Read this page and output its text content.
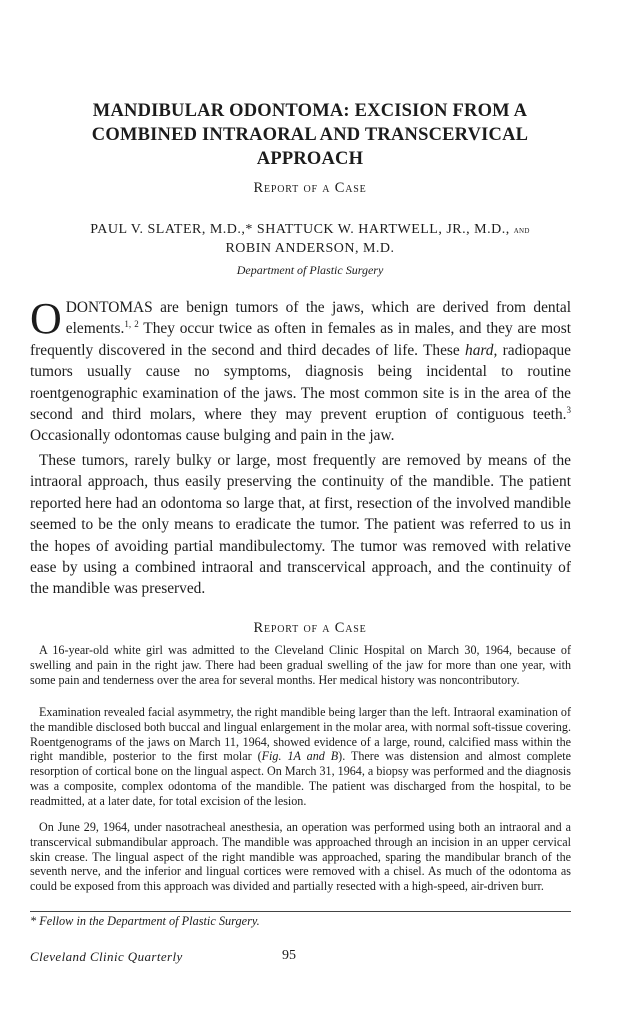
MANDIBULAR ODONTOMA: EXCISION FROM A
COMBINED INTRAORAL AND TRANSCERVICAL
APPROACH

Report of a Case

PAUL V. SLATER, M.D.,* SHATTUCK W. HARTWELL, JR., M.D., and
ROBIN ANDERSON, M.D.

Department of Plastic Surgery

ODONTOMAS are benign tumors of the jaws, which are derived from dental elements.$^{1, 2}$ They occur twice as often in females as in males, and they are most frequently discovered in the second and third decades of life. These hard, radiopaque tumors usually cause no symptoms, diagnosis being incidental to routine roentgenographic examination of the jaws. The most common site is in the area of the second and third molars, where they may prevent eruption of contiguous teeth.$^3$ Occasionally odontomas cause bulging and pain in the jaw.

These tumors, rarely bulky or large, most frequently are removed by means of the intraoral approach, thus easily preserving the continuity of the mandible. The patient reported here had an odontoma so large that, at first, resection of the involved mandible seemed to be the only means to eradicate the tumor. The patient was referred to us in the hopes of avoiding partial mandibulectomy. The tumor was removed with relative ease by using a combined intraoral and transcervical approach, and the continuity of the mandible was preserved.

Report of a Case

A 16-year-old white girl was admitted to the Cleveland Clinic Hospital on March 30, 1964, because of swelling and pain in the right jaw. There had been gradual swelling of the jaw for more than one year, with some pain and tenderness over the area for several months. Her medical history was noncontributory.

Examination revealed facial asymmetry, the right mandible being larger than the left. Intraoral examination of the mandible disclosed both buccal and lingual enlargement in the molar area, with normal soft-tissue covering. Roentgenograms of the jaws on March 11, 1964, showed evidence of a large, round, calcified mass within the right mandible, posterior to the first molar (Fig. 1A and B). There was distension and almost complete resorption of cortical bone on the lingual aspect. On March 31, 1964, a biopsy was performed and the diagnosis was a composite, complex odontoma of the mandible. The patient was discharged from the hospital, to be readmitted, at a later date, for total excision of the lesion.

On June 29, 1964, under nasotracheal anesthesia, an operation was performed using both an intraoral and a transcervical submandibular approach. The mandible was approached through an incision in an upper cervical skin crease. The lingual aspect of the right mandible was approached, sparing the mandibular branch of the seventh nerve, and the inferior and lingual cortices were removed with a chisel. As much of the odontoma as could be exposed from this approach was divided and partially resected with a high-speed, air-driven burr.

* Fellow in the Department of Plastic Surgery.

Cleveland Clinic Quarterly	95
